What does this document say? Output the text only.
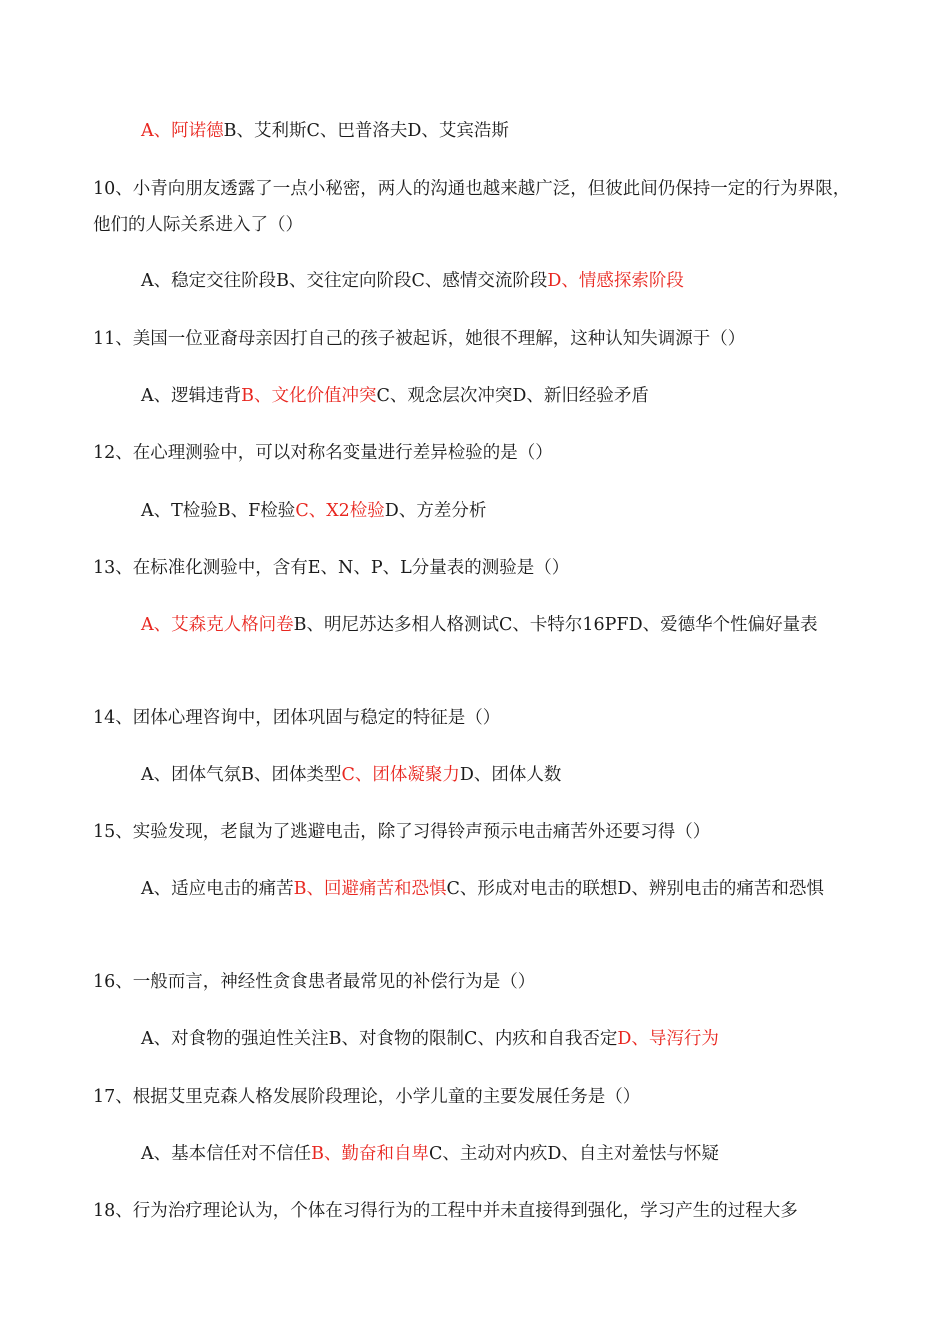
A、阿诺德B、艾利斯C、巴普洛夫D、艾宾浩斯

10、小青向朋友透露了一点小秘密，两人的沟通也越来越广泛，但彼此间仍保持一定的行为界限，他们的人际关系进入了（）

A、稳定交往阶段B、交往定向阶段C、感情交流阶段D、情感探索阶段

11、美国一位亚裔母亲因打自己的孩子被起诉，她很不理解，这种认知失调源于（）

A、逻辑违背B、文化价值冲突C、观念层次冲突D、新旧经验矛盾

12、在心理测验中，可以对称名变量进行差异检验的是（）

A、T检验B、F检验C、X2检验D、方差分析

13、在标准化测验中，含有E、N、P、L分量表的测验是（）

A、艾森克人格问卷B、明尼苏达多相人格测试C、卡特尔16PFD、爱德华个性偏好量表

14、团体心理咨询中，团体巩固与稳定的特征是（）

A、团体气氛B、团体类型C、团体凝聚力D、团体人数

15、实验发现，老鼠为了逃避电击，除了习得铃声预示电击痛苦外还要习得（）

A、适应电击的痛苦B、回避痛苦和恐惧C、形成对电击的联想D、辨别电击的痛苦和恐惧

16、一般而言，神经性贪食患者最常见的补偿行为是（）

A、对食物的强迫性关注B、对食物的限制C、内疚和自我否定D、导泻行为

17、根据艾里克森人格发展阶段理论，小学儿童的主要发展任务是（）

A、基本信任对不信任B、勤奋和自卑C、主动对内疚D、自主对羞怯与怀疑

18、行为治疗理论认为，个体在习得行为的工程中并未直接得到强化，学习产生的过程大多
